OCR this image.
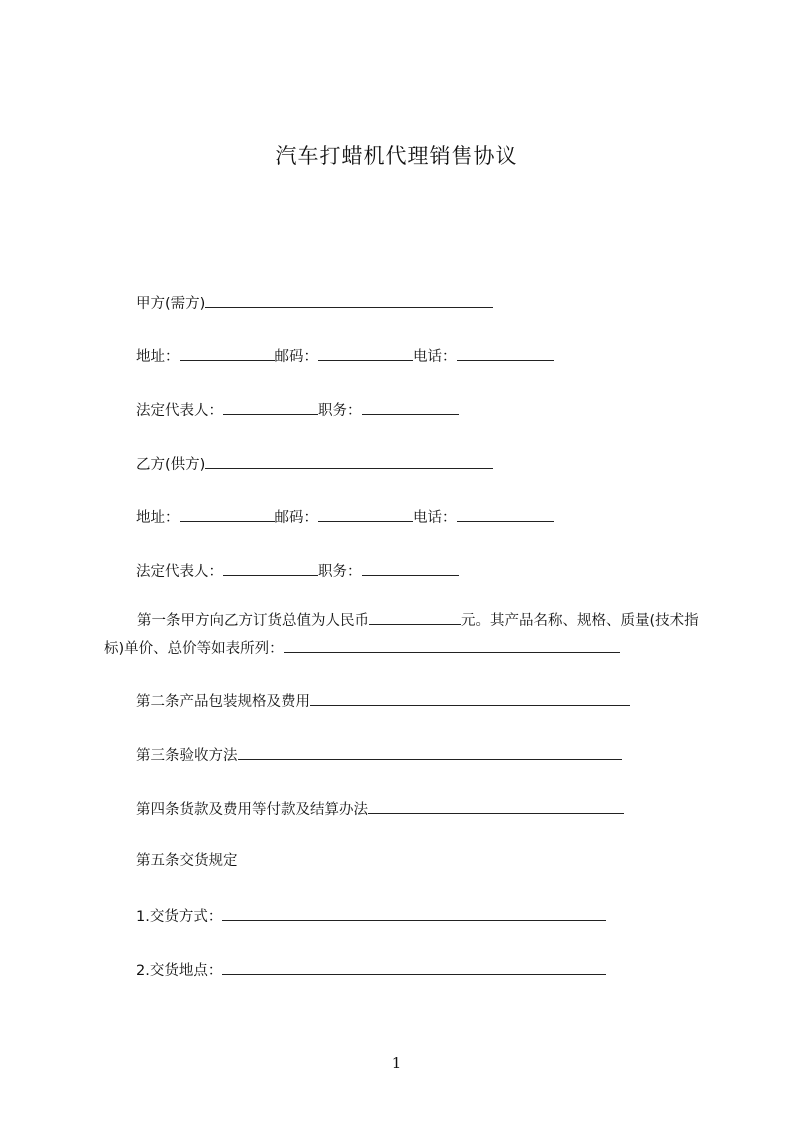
汽车打蜡机代理销售协议
甲方(需方)
地址：	邮码：	电话：
法定代表人：	职务：
乙方(供方)
地址：	邮码：	电话：
法定代表人：	职务：
第一条甲方向乙方订货总值为人民币	元。其产品名称、规格、质量(技术指标)单价、总价等如表所列：
第二条产品包装规格及费用
第三条验收方法
第四条货款及费用等付款及结算办法
第五条交货规定
1.交货方式：
2.交货地点：
1
